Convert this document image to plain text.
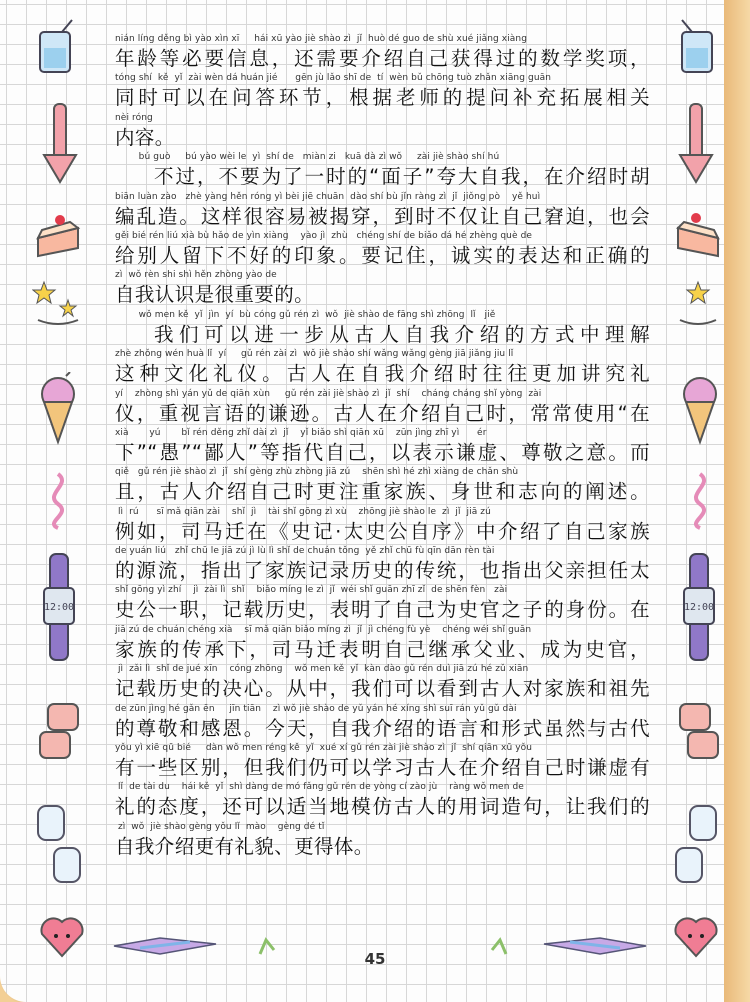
12:00	12:00
nián líng děng bì yào xìn xī     hái xū yào jiè shào zì  jǐ  huò dé guo de shù xué jiǎng xiàng
年龄等必要信息，还需要介绍自己获得过的数学奖项，
tóng shí  kě  yǐ  zài wèn dá huán jié      gēn jù lǎo shī de  tí  wèn bǔ chōng tuò zhǎn xiāng guān
同时可以在问答环节，根据老师的提问补充拓展相关
nèi róng
内容。
bú guò     bú yào wèi le  yì  shí de   miàn zi   kuā dà zì wǒ     zài jiè shào shí hú
不过，不要为了一时的“面子”夸大自我，在介绍时胡
biān luàn zào   zhè yàng hěn róng yì bèi jiē chuān  dào shí bù jǐn ràng zì  jǐ  jiǒng pò    yě huì
编乱造。这样很容易被揭穿，到时不仅让自己窘迫，也会
gěi bié rén liú xià bù hǎo de yìn xiàng    yào jì  zhù   chéng shí de biǎo dá hé zhèng què de
给别人留下不好的印象。要记住，诚实的表达和正确的
zì  wǒ rèn shi shì hěn zhòng yào de
自我认识是很重要的。
wǒ men kě  yǐ  jìn  yí  bù cóng gǔ rén zì  wǒ  jiè shào de fāng shì zhōng  lǐ   jiě
我们可以进一步从古人自我介绍的方式中理解
zhè zhǒng wén huà lǐ  yí     gǔ rén zài zì  wǒ jiè shào shí wǎng wǎng gèng jiā jiǎng jiu lǐ
这种文化礼仪。古人在自我介绍时往往更加讲究礼
yí    zhòng shì yán yǔ de qiān xùn     gǔ rén zài jiè shào zì  jǐ  shí    cháng cháng shǐ yòng  zài
仪，重视言语的谦逊。古人在介绍自己时，常常使用“在
xià       yú       bǐ rén děng zhǐ dài zì  jǐ    yǐ biǎo shì qiān xū    zūn jìng zhī yì      ér
下”“愚”“鄙人”等指代自己，以表示谦虚、尊敬之意。而
qiě   gǔ rén jiè shào zì  jǐ  shí gèng zhù zhòng jiā zú    shēn shì hé zhì xiàng de chǎn shù
且，古人介绍自己时更注重家族、身世和志向的阐述。
lì  rú      sī mǎ qiān zài    shǐ  jì    tài shǐ gōng zì xù    zhōng jiè shào le  zì  jǐ  jiā zú
例如，司马迁在《史记·太史公自序》中介绍了自己家族
de yuán liú   zhǐ chū le jiā zú jì lù lì shǐ de chuán tǒng  yě zhǐ chū fù qīn dān rèn tài
的源流，指出了家族记录历史的传统，也指出父亲担任太
shǐ gōng yì zhí    jì  zài lì  shǐ    biǎo míng le zì  jǐ  wéi shǐ guān zhī zǐ  de shēn fèn   zài
史公一职，记载历史，表明了自己为史官之子的身份。在
jiā zú de chuán chéng xià    sī mǎ qiān biǎo míng zì  jǐ  jì chéng fù yè    chéng wéi shǐ guān
家族的传承下，司马迁表明自己继承父业、成为史官，
jì  zǎi lì  shǐ de jué xīn    cóng zhōng    wǒ men kě  yǐ  kàn dào gǔ rén duì jiā zú hé zǔ xiān
记载历史的决心。从中，我们可以看到古人对家族和祖先
de zūn jìng hé gǎn ēn     jīn tiān    zì wǒ jiè shào de yǔ yán hé xíng shì suī rán yǔ gǔ dài
的尊敬和感恩。今天，自我介绍的语言和形式虽然与古代
yǒu yì xiē qū bié     dàn wǒ men réng kě  yǐ  xué xí gǔ rén zài jiè shào zì  jǐ  shí qiān xū yǒu
有一些区别，但我们仍可以学习古人在介绍自己时谦虚有
lǐ  de tài du    hái kě  yǐ  shì dàng de mó fǎng gǔ rén de yòng cí zào jù    ràng wǒ men de
礼的态度，还可以适当地模仿古人的用词造句，让我们的
zì  wǒ  jiè shào gèng yǒu lǐ  mào    gèng dé tǐ
自我介绍更有礼貌、更得体。
45
